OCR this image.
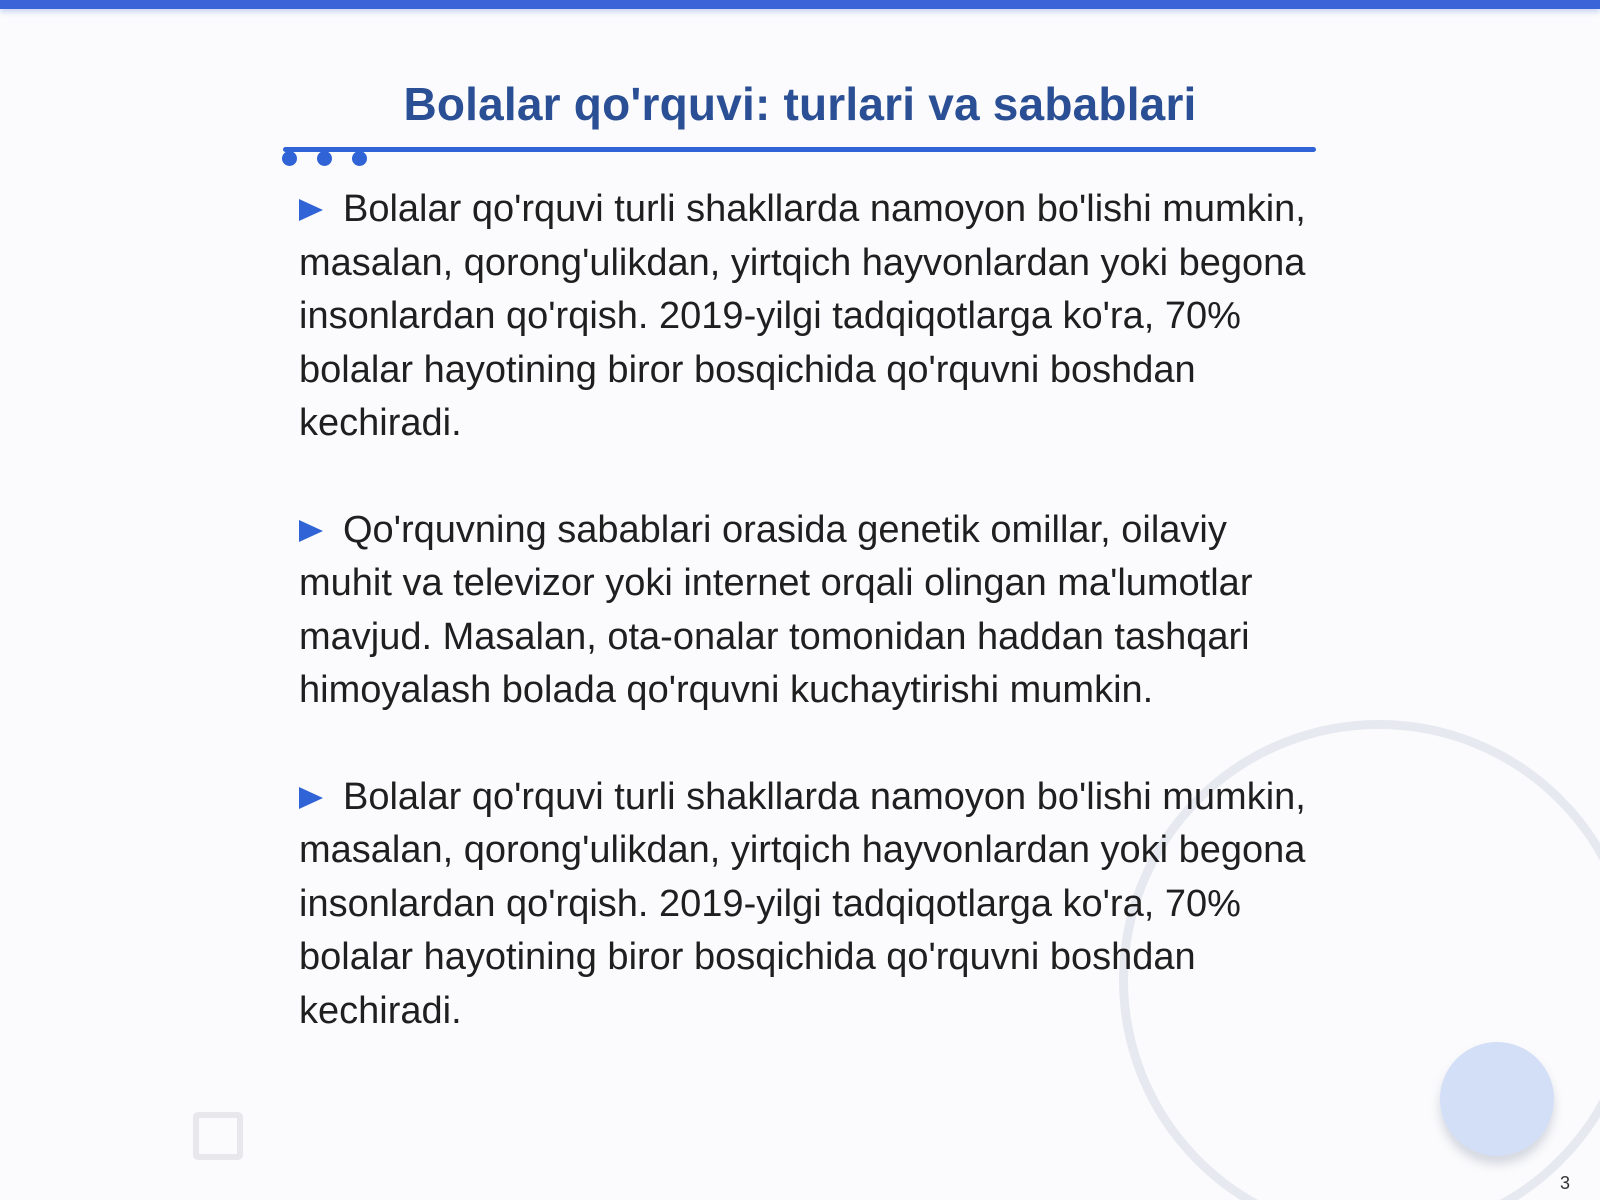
Bolalar qo'rquvi: turlari va sabablari

Bolalar qo'rquvi turli shakllarda namoyon bo'lishi mumkin, masalan, qorong'ulikdan, yirtqich hayvonlardan yoki begona insonlardan qo'rqish. 2019-yilgi tadqiqotlarga ko'ra, 70% bolalar hayotining biror bosqichida qo'rquvni boshdan kechiradi.

Qo'rquvning sabablari orasida genetik omillar, oilaviy muhit va televizor yoki internet orqali olingan ma'lumotlar mavjud. Masalan, ota-onalar tomonidan haddan tashqari himoyalash bolada qo'rquvni kuchaytirishi mumkin.

Bolalar qo'rquvi turli shakllarda namoyon bo'lishi mumkin, masalan, qorong'ulikdan, yirtqich hayvonlardan yoki begona insonlardan qo'rqish. 2019-yilgi tadqiqotlarga ko'ra, 70% bolalar hayotining biror bosqichida qo'rquvni boshdan kechiradi.

3
